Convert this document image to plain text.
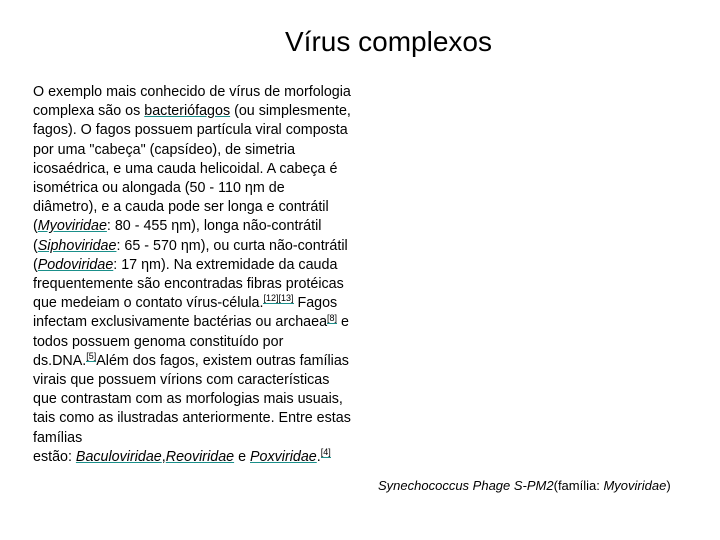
Vírus complexos
O exemplo mais conhecido de vírus de morfologia
complexa são os bacteriófagos (ou simplesmente,
fagos). O fagos possuem partícula viral composta
por uma "cabeça" (capsídeo), de simetria
icosaédrica, e uma cauda helicoidal. A cabeça é
isométrica ou alongada (50 - 110 ηm de
diâmetro), e a cauda pode ser longa e contrátil
(Myoviridae: 80 - 455 ηm), longa não-contrátil
(Siphoviridae: 65 - 570 ηm), ou curta não-contrátil
(Podoviridae: 17 ηm). Na extremidade da cauda
frequentemente são encontradas fibras protéicas
que medeiam o contato vírus-célula.[12][13] Fagos
infectam exclusivamente bactérias ou archaea[8] e
todos possuem genoma constituído por
ds.DNA.[5]Além dos fagos, existem outras famílias
virais que possuem vírions com características
que contrastam com as morfologias mais usuais,
tais como as ilustradas anteriormente. Entre estas
famílias
estão: Baculoviridae,Reoviridae e Poxviridae.[4]
Synechococcus Phage S-PM2(família: Myoviridae)
